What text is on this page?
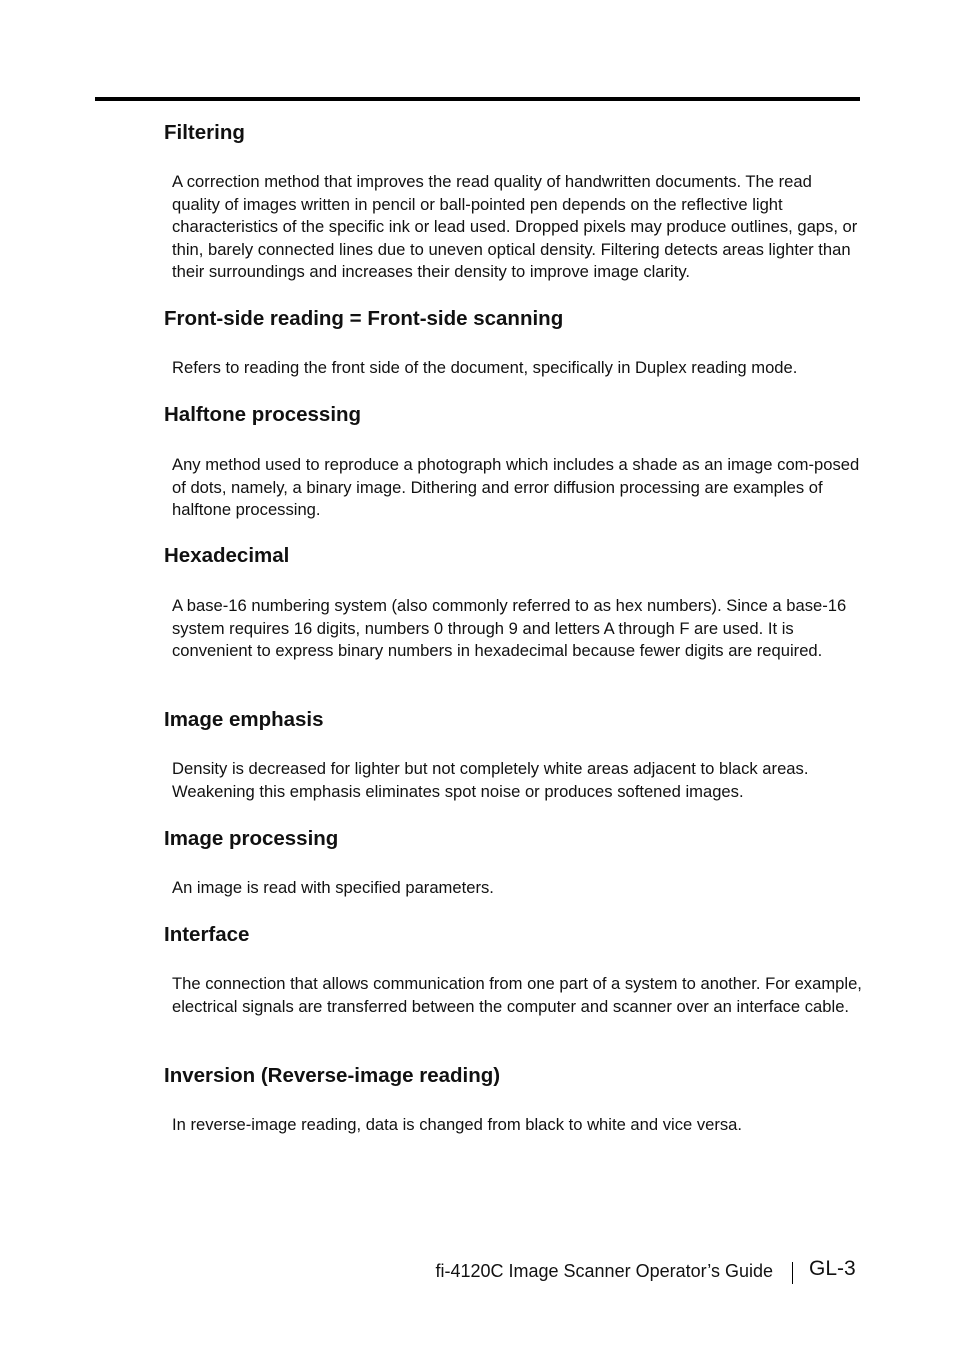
Filtering

A correction method that improves the read quality of handwritten documents. The read quality of images written in pencil or ball-pointed pen depends on the reflective light characteristics of the specific ink or lead used. Dropped pixels may produce outlines, gaps, or thin, barely connected lines due to uneven optical density. Filtering detects areas lighter than their surroundings and increases their density to improve image clarity.

Front-side reading = Front-side scanning

Refers to reading the front side of the document, specifically in Duplex reading mode.

Halftone processing

Any method used to reproduce a photograph which includes a shade as an image com-posed of dots, namely, a binary image. Dithering and error diffusion processing are examples of halftone processing.

Hexadecimal

A base-16 numbering system (also commonly referred to as hex numbers). Since a base-16 system requires 16 digits, numbers 0 through 9 and letters A through F are used. It is convenient to express binary numbers in hexadecimal because fewer digits are required.

Image emphasis

Density is decreased for lighter but not completely white areas adjacent to black areas. Weakening this emphasis eliminates spot noise or produces softened images.

Image processing

An image is read with specified parameters.

Interface

The connection that allows communication from one part of a system to another. For example, electrical signals are transferred between the computer and scanner over an interface cable.

Inversion (Reverse-image reading)

In reverse-image reading, data is changed from black to white and vice versa.

fi-4120C Image Scanner Operator’s Guide GL-3
